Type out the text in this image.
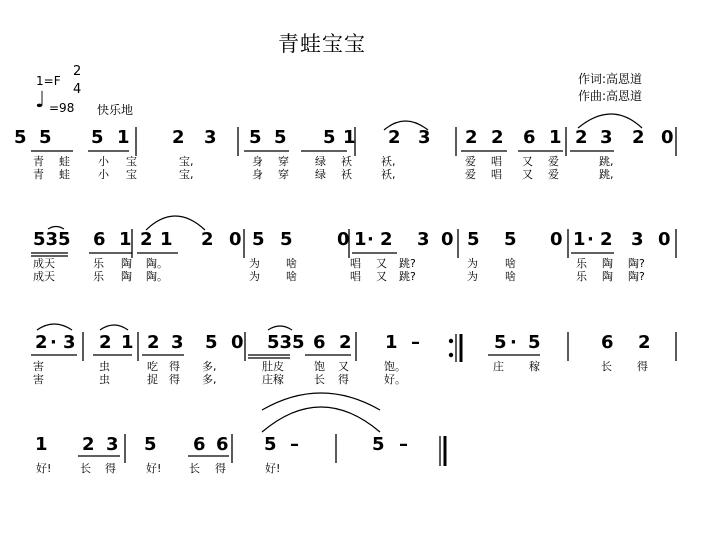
青蛙宝宝
作词:高恩道
作曲:高恩道
1=F
2
4
♩ =98 快乐地
5 5 5 1 2 3 5 5 5 1 2 3 2 2 6 1 2 3 2 0
青 蛙	小 宝	宝,	身 穿 绿 袄	袄,	爱 唱 又 爱	跳,
青 蛙	小 宝	宝,	身 穿 绿 袄	袄,	爱 唱 又 爱	跳,
535 6 1 2 1 2 0 5 5 0 1 · 2 3 0 5 5 0 1 · 2 3 0
成天	乐 陶 陶。	为 啥	唱 又 跳?	为 啥	乐 陶 陶?
成天	乐 陶 陶。	为 啥	唱 又 跳?	为 啥	乐 陶 陶?
2 · 3 2 1 2 3 5 0 535 6 2 1 –	5 · 5	6 2
害	虫	吃 得 多,	肚皮	饱 又	饱。	庄 稼	长 得
害	虫	捉 得 多,	庄稼	长 得	好。
1 2 3 5 6 6 5 –	5 –
好!	长 得	好!	长 得	好!
